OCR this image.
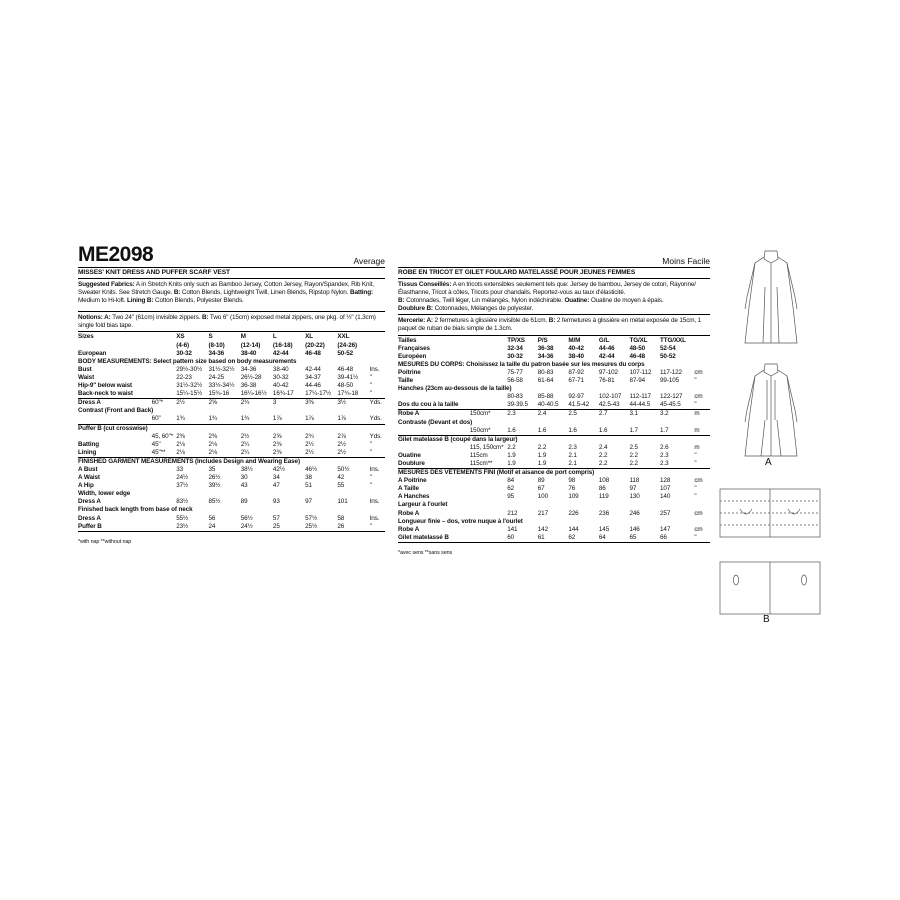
ME2098	Average
MISSES' KNIT DRESS AND PUFFER SCARF VEST
Suggested Fabrics: A in Stretch Knits only such as Bamboo Jersey, Cotton Jersey, Rayon/Spandex, Rib Knit, Sweater Knits. See Stretch Gauge. B: Cotton Blends, Lightweight Twill, Linen Blends, Ripstop Nylon. Batting: Medium to Hi-loft. Lining B: Cotton Blends, Polyester Blends.
Notions: A: Two 24" (61cm) invisible zippers. B: Two 6" (15cm) exposed metal zippers, one pkg. of ½" (1.3cm) single fold bias tape.
Sizes		XS	S	M	L	XL	XXL	
		(4-6)	(8-10)	(12-14)	(16-18)	(20-22)	(24-26)	
European		30-32	34-36	38-40	42-44	46-48	50-52	
BODY MEASUREMENTS: Select pattern size based on body measurements								
Bust		29½-30½	31½-32½	34-36	38-40	42-44	46-48	Ins.
Waist		22-23	24-25	26½-28	30-32	34-37	39-41½	"
Hip-9" below waist		31½-32½	33½-34½	36-38	40-42	44-46	48-50	"
Back-neck to waist		15¼-15½	15¾-16	16¼-16½	16¾-17	17¼-17½	17¾-18	"
Dress A	60"*	2½	2⅝	2¾	3	3⅜	3½	Yds.
Contrast (Front and Back)								
	60"	1¾	1¾	1¾	1⅞	1⅞	1⅞	Yds.
Puffer B (cut crosswise)								
	45, 60"*	2⅜	2⅜	2½	2⅝	2¾	2⅞	Yds.
Batting	45"	2⅛	2⅛	2¼	2⅜	2½	2½	"
Lining	45"**	2⅛	2⅛	2¼	2⅜	2½	2½	"
FINISHED GARMENT MEASUREMENTS (Includes Design and Wearing Ease)								
A Bust		33	35	38½	42½	46½	50½	Ins.
A Waist		24½	26½	30	34	38	42	"
A Hip		37½	39½	43	47	51	55	"
Width, lower edge								
Dress A		83½	85½	89	93	97	101	Ins.
Finished back length from base of neck								
Dress A		55½	56	56½	57	57½	58	Ins.
Puffer B		23½	24	24½	25	25½	26	"
*with nap **without nap
Moins Facile
ROBE EN TRICOT ET GILET FOULARD MATELASSÉ POUR JEUNES FEMMES
Tissus Conseillés: A en tricots extensibles seulement tels que: Jersey de bambou, Jersey de coton, Rayonne/Élasthanne, Tricot à côtes, Tricots pour chandails. Reportez-vous au taux d'élasticité.
B: Cotonnades, Twill léger, Lin mélangés, Nylon indéchirable. Ouatine: Ouatine de moyen à épais.
Doublure B: Cotonnades, Mélanges de polyester.
Mercerie: A: 2 fermetures à glissière invisible de 61cm. B: 2 fermetures à glissière en métal exposée de 15cm, 1 paquet de ruban de biais simple de 1.3cm.
Tailles		TP/XS	P/S	M/M	G/L	TG/XL	TTG/XXL	
Françaises		32-34	36-38	40-42	44-46	48-50	52-54	
Européen		30-32	34-36	38-40	42-44	46-48	50-52	
MESURES DU CORPS: Choisissez la taille du patron basée sur les mesures du corps								
Poitrine		75-77	80-83	87-92	97-102	107-112	117-122	cm
Taille		56-58	61-64	67-71	76-81	87-94	99-105	"
Hanches (23cm au-dessous de la taille)								
		80-83	85-88	92-97	102-107	112-117	122-127	cm
Dos du cou à la taille		39-39.5	40-40.5	41.5-42	42.5-43	44-44.5	45-45.5	"
Robe A	150cm*	2.3	2.4	2.5	2.7	3.1	3.2	m
Contraste (Devant et dos)								
	150cm*	1.6	1.6	1.6	1.6	1.7	1.7	m
Gilet matelassé B (coupé dans la largeur)								
	115, 150cm*	2.2	2.2	2.3	2.4	2.5	2.6	m
Ouatine	115cm	1.9	1.9	2.1	2.2	2.2	2.3	"
Doublure	115cm**	1.9	1.9	2.1	2.2	2.2	2.3	"
MESURES DES VÊTEMENTS FINI (Motif et aisance de port compris)								
A Poitrine		84	89	98	108	118	128	cm
A Taille		62	67	76	86	97	107	"
A Hanches		95	100	109	119	130	140	"
Largeur à l'ourlet								
Robe A		212	217	226	236	246	257	cm
Longueur finie – dos, votre nuque à l'ourlet								
Robe A		141	142	144	145	146	147	cm
Gilet matelassé B		60	61	62	64	65	66	"
*avec sens **sans sens
A
B
